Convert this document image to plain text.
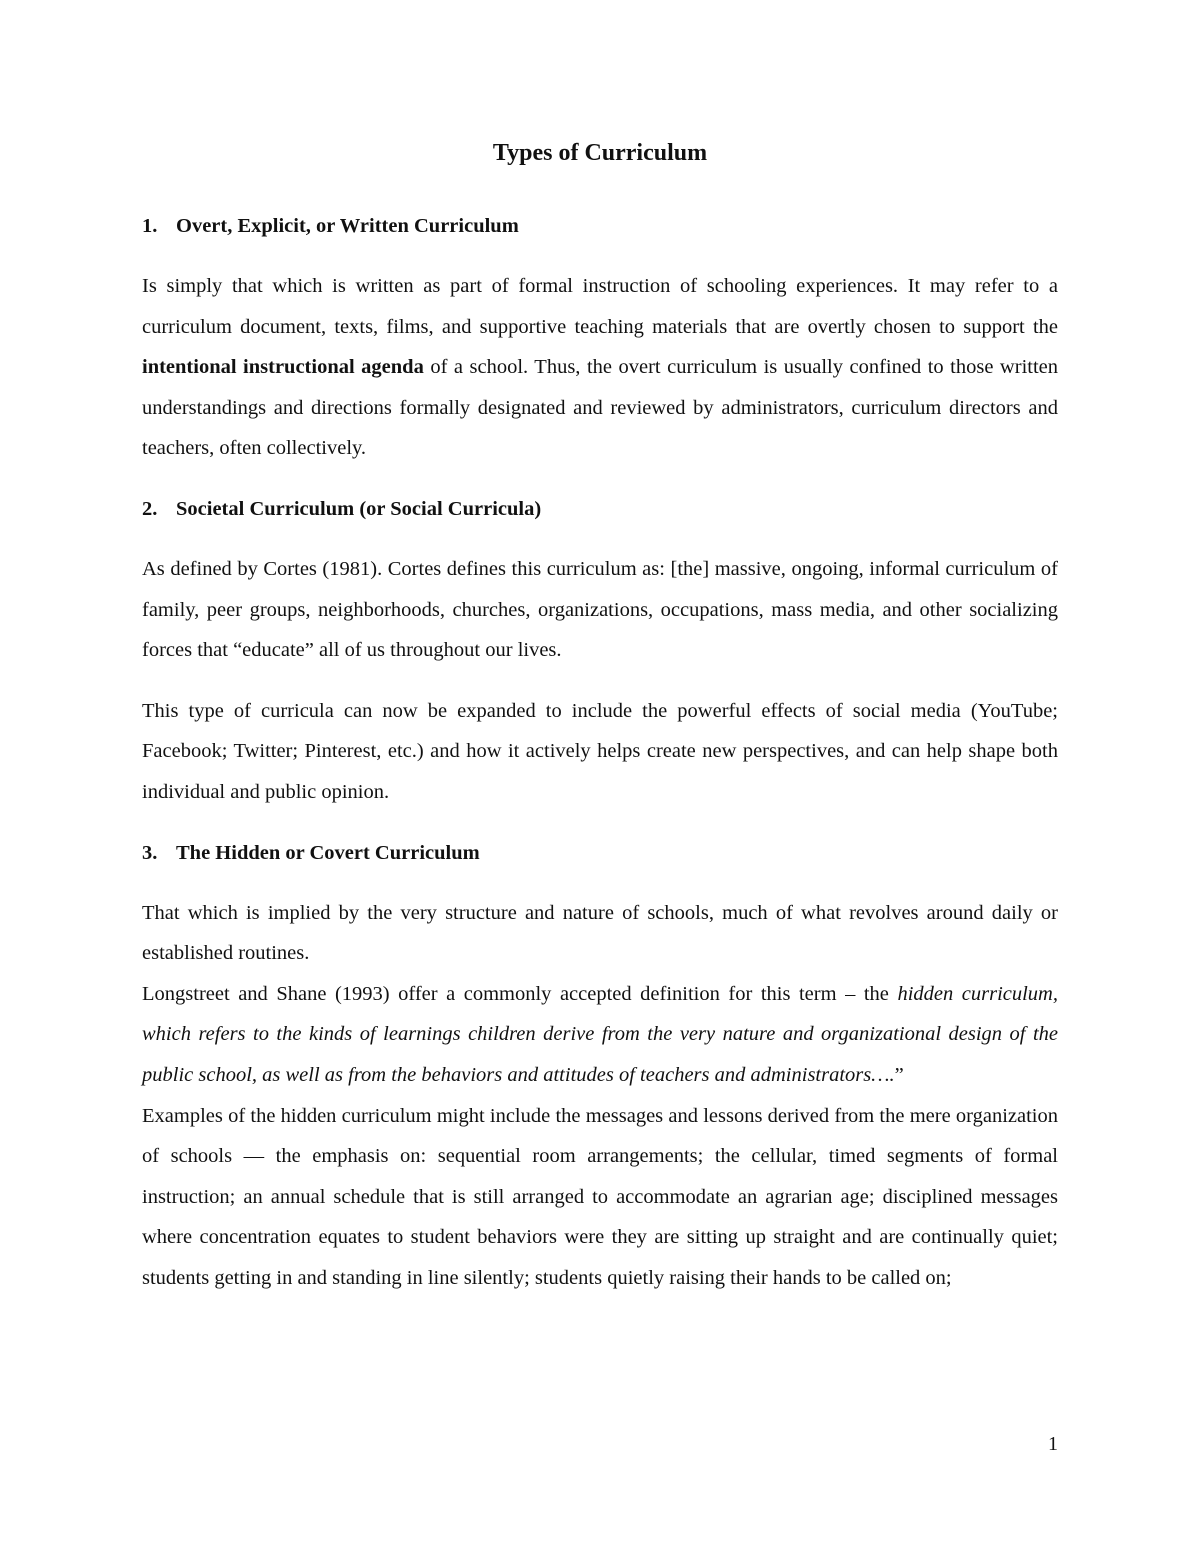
Types of Curriculum
1. Overt, Explicit, or Written Curriculum

Is simply that which is written as part of formal instruction of schooling experiences. It may refer to a curriculum document, texts, films, and supportive teaching materials that are overtly chosen to support the intentional instructional agenda of a school. Thus, the overt curriculum is usually confined to those written understandings and directions formally designated and reviewed by administrators, curriculum directors and teachers, often collectively.

2. Societal Curriculum (or Social Curricula)

As defined by Cortes (1981). Cortes defines this curriculum as: [the] massive, ongoing, informal curriculum of family, peer groups, neighborhoods, churches, organizations, occupations, mass media, and other socializing forces that “educate” all of us throughout our lives.

This type of curricula can now be expanded to include the powerful effects of social media (YouTube; Facebook; Twitter; Pinterest, etc.) and how it actively helps create new perspectives, and can help shape both individual and public opinion.

3. The Hidden or Covert Curriculum

That which is implied by the very structure and nature of schools, much of what revolves around daily or established routines.

Longstreet and Shane (1993) offer a commonly accepted definition for this term – the hidden curriculum, which refers to the kinds of learnings children derive from the very nature and organizational design of the public school, as well as from the behaviors and attitudes of teachers and administrators….”

Examples of the hidden curriculum might include the messages and lessons derived from the mere organization of schools — the emphasis on: sequential room arrangements; the cellular, timed segments of formal instruction; an annual schedule that is still arranged to accommodate an agrarian age; disciplined messages where concentration equates to student behaviors were they are sitting up straight and are continually quiet; students getting in and standing in line silently; students quietly raising their hands to be called on;

1
